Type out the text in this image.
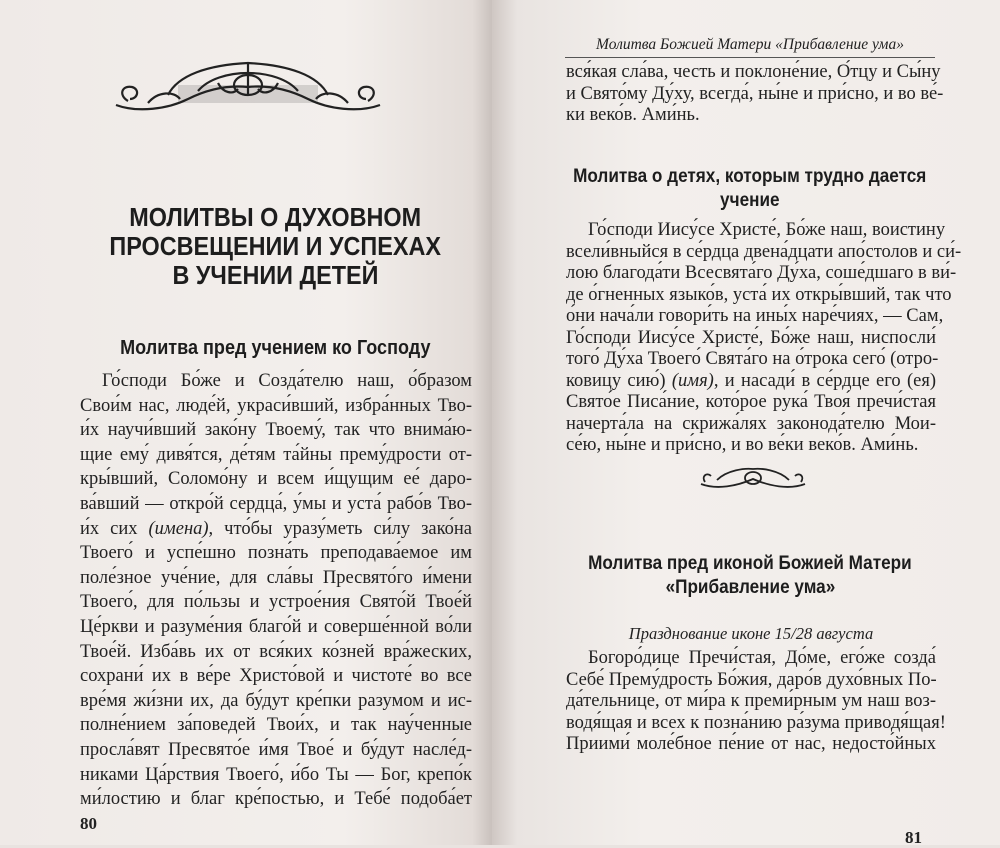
МОЛИТВЫ О ДУХОВНОМ
ПРОСВЕЩЕНИИ И УСПЕХАХ
В УЧЕНИИ ДЕТЕЙ
Молитва пред учением ко Господу
Го́споди Бо́же и Созда́телю наш, о́бразом
Свои́м нас, люде́й, украси́вший, избра́нных Тво-
и́х научи́вший зако́ну Твоему́, так что внима́ю-
щие ему́ дивя́тся, де́тям та́йны прему́дрости от-
кры́вший, Соломо́ну и всем и́щущим ее́ даро-
ва́вший — откро́й сердца́, у́мы и уста́ рабо́в Тво-
и́х сих (имена), что́бы уразу́меть си́лу зако́на
Твоего́ и успе́шно позна́ть преподава́емое им
поле́зное уче́ние, для сла́вы Пресвято́го и́мени
Твоего́, для по́льзы и устрое́ния Свято́й Твое́й
Це́ркви и разуме́ния благо́й и соверше́нной во́ли
Твое́й. Изба́вь их от вся́ких ко́зней вра́жеских,
сохрани́ их в ве́ре Христо́вой и чистоте́ во все
вре́мя жи́зни их, да бу́дут кре́пки разумом и ис-
полне́нием за́поведей Твои́х, и так нау́ченные
просла́вят Пресвято́е и́мя Твое́ и бу́дут насле́д-
никами Ца́рствия Твоего́, и́бо Ты — Бог, крепо́к
ми́лостию и благ кре́постью, и Тебе́ подоба́ет
80
Молитва Божией Матери «Прибавление ума»
вся́кая сла́ва, честь и поклоне́ние, О́тцу и Сы́ну
и Свято́му Ду́ху, всегда́, ны́не и при́сно, и во ве́-
ки веко́в. Ами́нь.
Молитва о детях, которым трудно дается
учение
Го́споди Иису́се Христе́, Бо́же наш, воистину
всели́вныйся в се́рдца двена́дцати апо́столов и си́-
лою благода́ти Всесвята́го Ду́ха, соше́дшаго в ви́-
де о́гненных языко́в, уста́ их откры́вший, так что
о́ни нача́ли говори́ть на ины́х наре́чиях, — Сам,
Го́споди Иису́се Христе́, Бо́же наш, ниспосли́
того́ Ду́ха Твоего́ Свята́го на о́трока сего́ (отро-
ковицу сию́) (имя), и насади́ в се́рдце его (ея)
Свято́е Писа́ние, кото́рое рука́ Твоя́ пречи́стая
начерта́ла на скрижа́лях законода́телю Мои-
се́ю, ны́не и при́сно, и во ве́ки веко́в. Ами́нь.
Молитва пред иконой Божией Матери
«Прибавление ума»
Празднование иконе 15/28 августа
Богоро́дице Пречи́стая, До́ме, его́же созда́
Себе́ Прему́дрость Бо́жия, даро́в духо́вных По-
да́тельнице, от ми́ра к преми́рным ум наш воз-
водя́щая и всех к позна́нию ра́зума приводя́щая!
Приими́ моле́бное пе́ние от нас, недосто́йных
81
